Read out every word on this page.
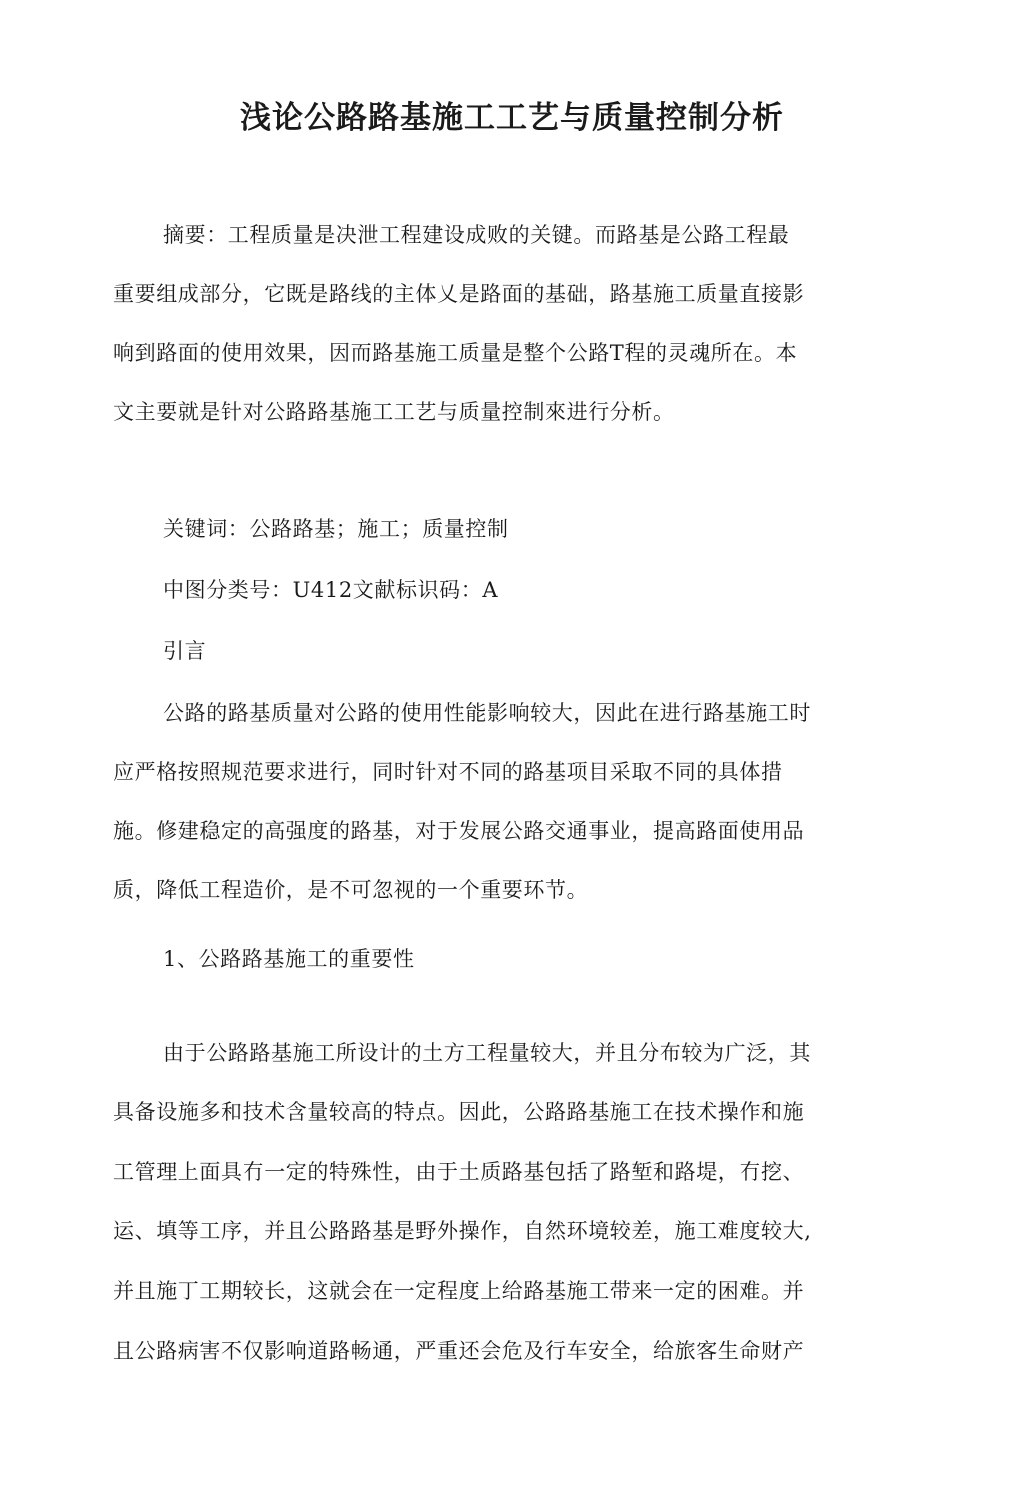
浅论公路路基施工工艺与质量控制分析
摘要：工程质量是决泄工程建设成败的关键。而路基是公路工程最
重要组成部分，它既是路线的主体乂是路面的基础，路基施工质量直接影
响到路面的使用效果，因而路基施工质量是整个公路T程的灵魂所在。本
文主要就是针对公路路基施工工艺与质量控制來进行分析。
关键词：公路路基；施工；质量控制
中图分类号：U412文献标识码：A
引言
公路的路基质量对公路的使用性能影响较大，因此在进行路基施工时
应严格按照规范要求进行，同时针对不同的路基项目采取不同的具体措
施。修建稳定的高强度的路基，对于发展公路交通事业，提高路面使用品
质，降低工程造价，是不可忽视的一个重要环节。
1、公路路基施工的重要性
由于公路路基施工所设计的土方工程量较大，并且分布较为广泛，其
具备设施多和技术含量较高的特点。因此，公路路基施工在技术操作和施
工管理上面具冇一定的特殊性，由于土质路基包括了路堑和路堤，冇挖、
运、填等工序，并且公路路基是野外操作，自然环境较差，施工难度较大,
并且施丁工期较长，这就会在一定程度上给路基施工带来一定的困难。并
且公路病害不仅影响道路畅通，严重还会危及行车安全，给旅客生命财产
